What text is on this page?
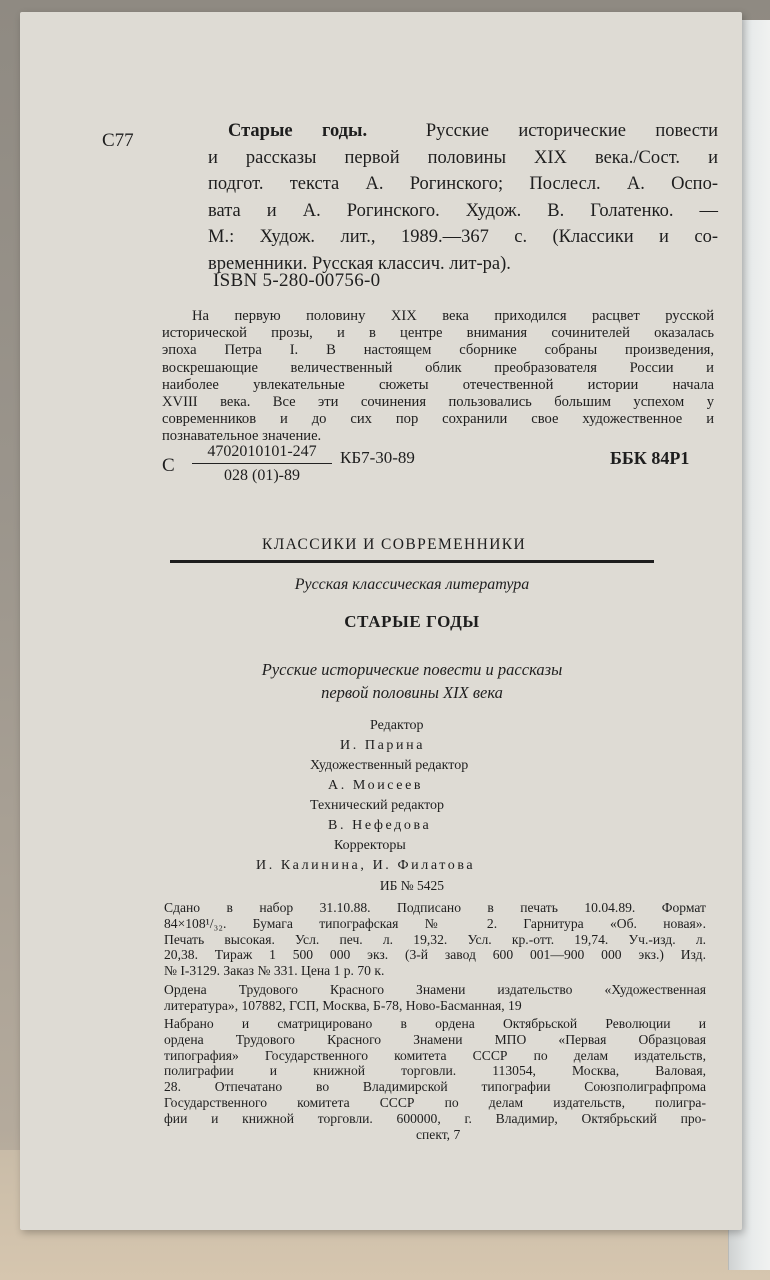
С77	Старые годы.	Русские исторические повести
и рассказы первой половины XIX века./Сост. и
подгот. текста А. Рогинского; Послесл. А. Оспо-
вата и А. Рогинского. Худож. В. Голатенко. —
М.: Худож. лит., 1989.—367 с. (Классики и со-
временники. Русская классич. лит-ра).
ISBN 5-280-00756-0
На первую половину XIX века приходился расцвет русской
исторической прозы, и в центре внимания сочинителей оказалась
эпоха Петра I. В настоящем сборнике собраны произведения,
воскрешающие величественный облик преобразователя России и
наиболее увлекательные сюжеты отечественной истории начала
XVIII века. Все эти сочинения пользовались большим успехом у
современников и до сих пор сохранили свое художественное и
познавательное значение.
С $\frac{4702010101-247}{028 (01)-89} КБ7-30-89$	ББК 84Р1
КЛАССИКИ И СОВРЕМЕННИКИ
Русская классическая литература
СТАРЫЕ ГОДЫ
Русские исторические повести и рассказы
первой половины XIX века
Редактор
И. Парина
Художественный редактор
А. Моисеев
Технический редактор
В. Нефедова
Корректоры
И. Калинина, И. Филатова
ИБ № 5425
Сдано в набор 31.10.88. Подписано в печать 10.04.89. Формат
84×108¹/₃₂. Бумага типографская № 2. Гарнитура «Об. новая».
Печать высокая. Усл. печ. л. 19,32. Усл. кр.-отт. 19,74. Уч.-изд. л.
20,38. Тираж 1 500 000 экз. (3-й завод 600 001—900 000 экз.) Изд.
№ I-3129. Заказ № 331. Цена 1 р. 70 к.
Ордена Трудового Красного Знамени издательство «Художественная
литература», 107882, ГСП, Москва, Б-78, Ново-Басманная, 19
Набрано и сматрицировано в ордена Октябрьской Революции и
ордена Трудового Красного Знамени МПО «Первая Образцовая
типография» Государственного комитета СССР по делам издательств,
полиграфии и книжной торговли. 113054, Москва, Валовая,
28. Отпечатано во Владимирской типографии Союзполиграфпрома
Государственного комитета СССР по делам издательств, полигра-
фии и книжной торговли. 600000, г. Владимир, Октябрьский про-
спект, 7
